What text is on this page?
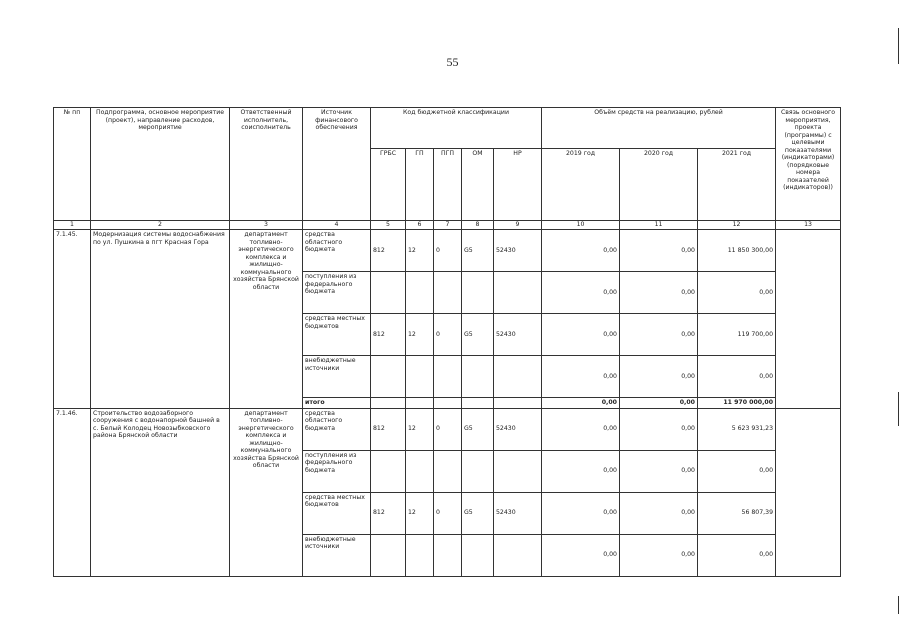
55
№ пп	Подпрограмма, основное мероприятие (проект), направление расходов, мероприятие	Ответственный исполнитель, соисполнитель	Источник финансового обеспечения	Код бюджетной классификации					Объём средств на реализацию, рублей			Связь основного мероприятия, проекта (программы) с целевыми показателями (индикаторами) (порядковые номера показателей (индикаторов))
				ГРБС	ГП	ПГП	ОМ	НР	2019 год	2020 год	2021 год	
1	2	3	4	5	6	7	8	9	10	11	12	13
7.1.45.	Модернизация системы водоснабжения по ул. Пушкина в пгт Красная Гора	департамент топливно-энергетического комплекса и жилищно-коммунального хозяйства Брянской области	средства областного бюджета	812	12	0	G5	52430	0,00	0,00	11 850 300,00	
			поступления из федерального бюджета						0,00	0,00	0,00	
			средства местных бюджетов	812	12	0	G5	52430	0,00	0,00	119 700,00	
			внебюджетные источники						0,00	0,00	0,00	
			итого						0,00	0,00	11 970 000,00	
7.1.46.	Строительство водозаборного сооружения с водонапорной башней в с. Белый Колодец Новозыбковского района Брянской области	департамент топливно-энергетического комплекса и жилищно-коммунального хозяйства Брянской области	средства областного бюджета	812	12	0	G5	52430	0,00	0,00	5 623 931,23	
			поступления из федерального бюджета						0,00	0,00	0,00	
			средства местных бюджетов	812	12	0	G5	52430	0,00	0,00	56 807,39	
			внебюджетные источники						0,00	0,00	0,00	
